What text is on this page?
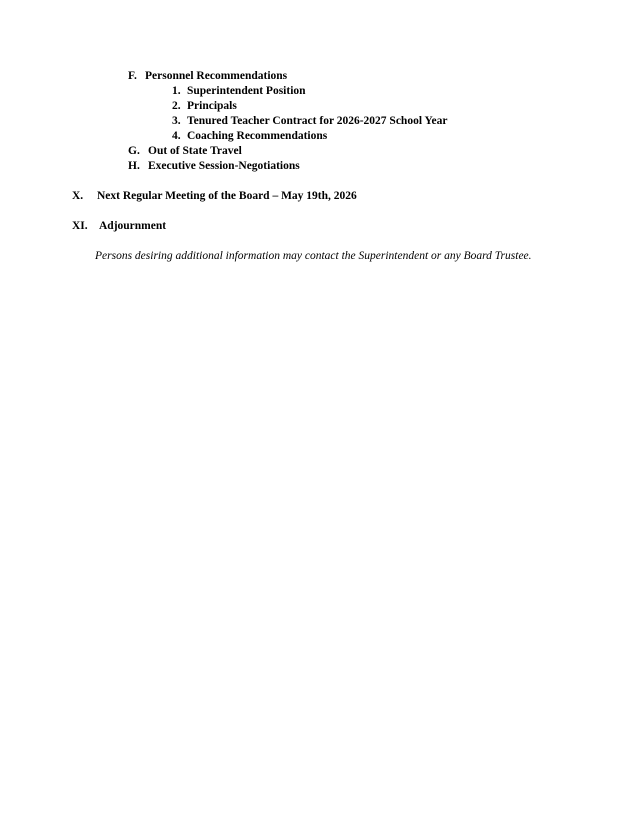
F. Personnel Recommendations
1. Superintendent Position
2. Principals
3. Tenured Teacher Contract for 2026-2027 School Year
4. Coaching Recommendations
G. Out of State Travel
H. Executive Session-Negotiations
X. Next Regular Meeting of the Board – May 19th, 2026
XI. Adjournment
Persons desiring additional information may contact the Superintendent or any Board Trustee.
